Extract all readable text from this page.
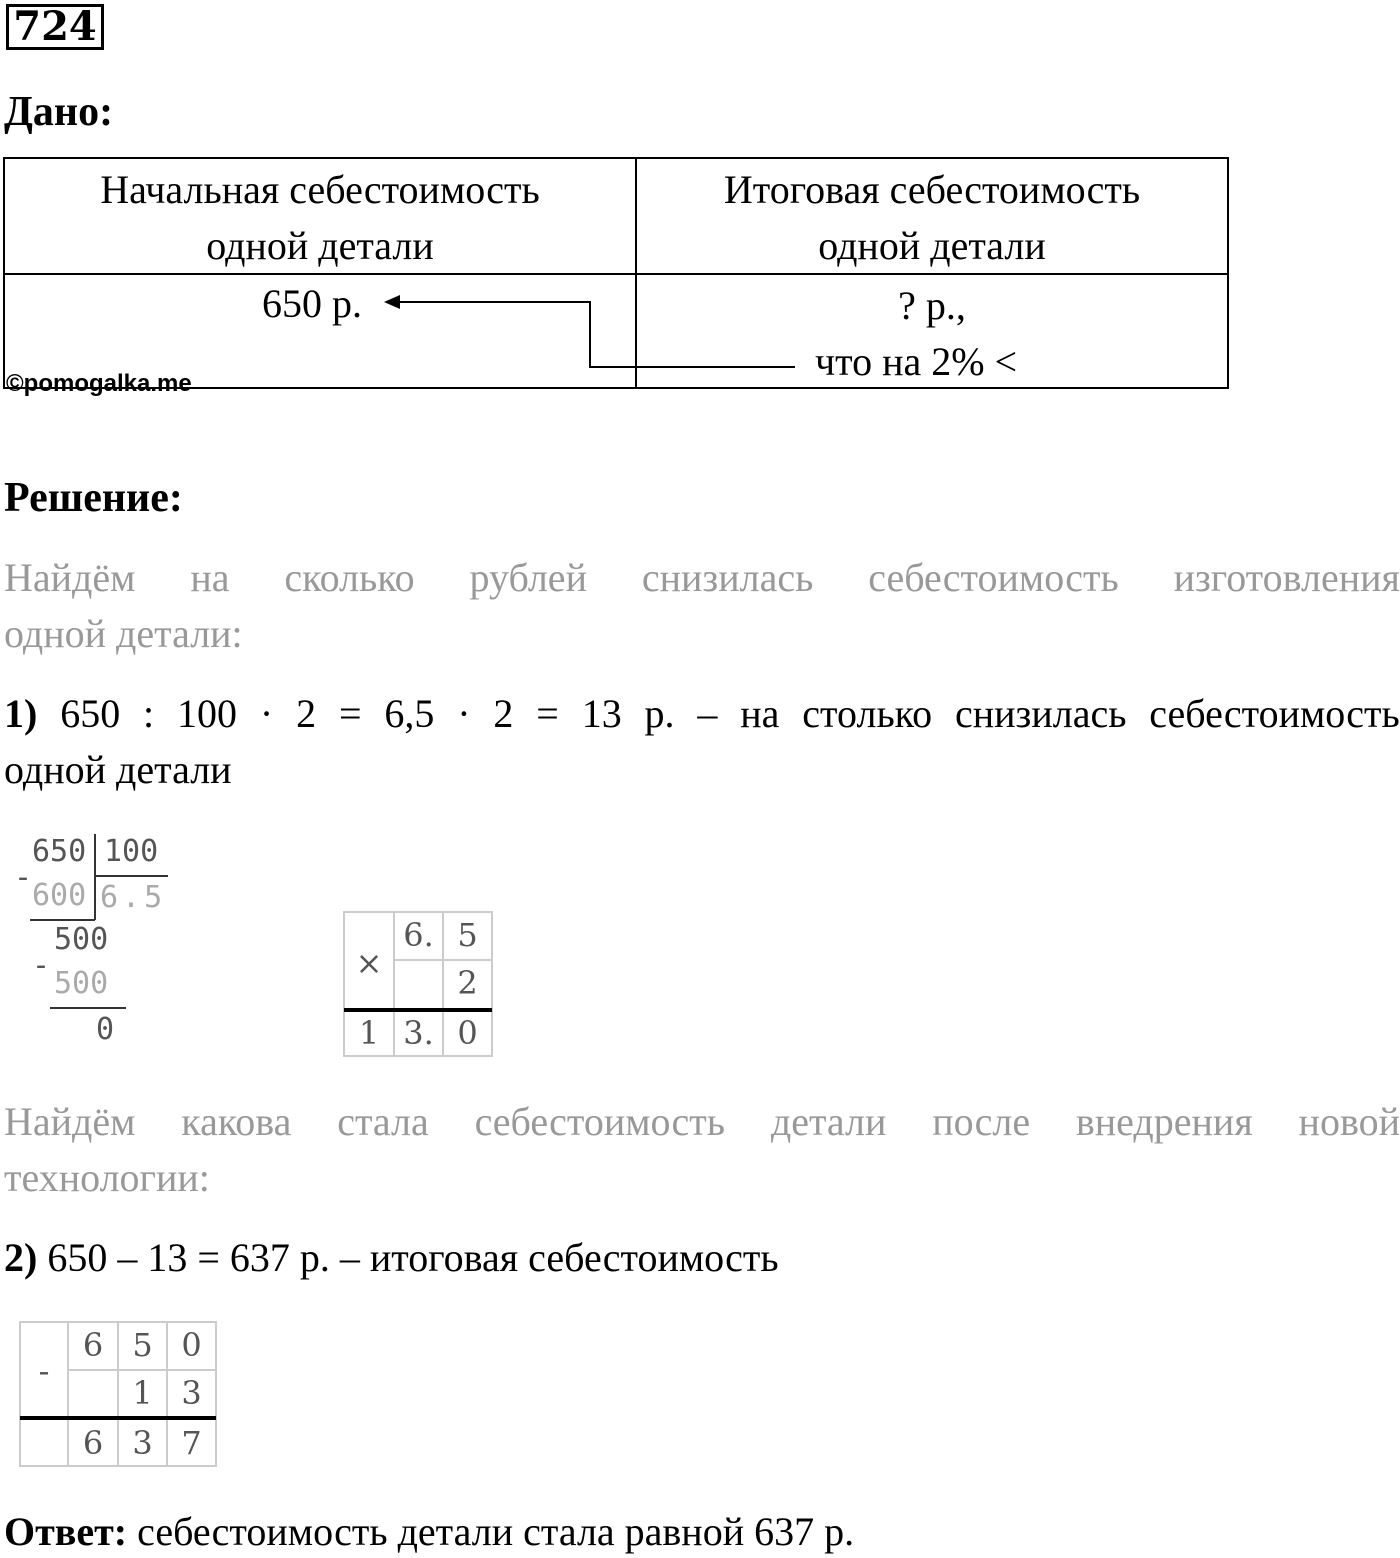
724
Дано:
Начальная себестоимость
одной детали
Итоговая себестоимость
одной детали
650 р.	? р.,
что на 2% <
©pomogalka.me
Решение:
Найдём на сколько рублей снизилась себестоимость изготовления
одной детали:
1) 650 : 100 · 2 = 6,5 · 2 = 13 р. – на столько снизилась себестоимость
одной детали
650 100
-
600 6.5
500
-
500
0
×
6. 5
2
1 3. 0
Найдём какова стала себестоимость детали после внедрения новой
технологии:
2) 650 – 13 = 637 р. – итоговая себестоимость
-
6 5 0
1 3
6 3 7
Ответ: себестоимость детали стала равной 637 р.
